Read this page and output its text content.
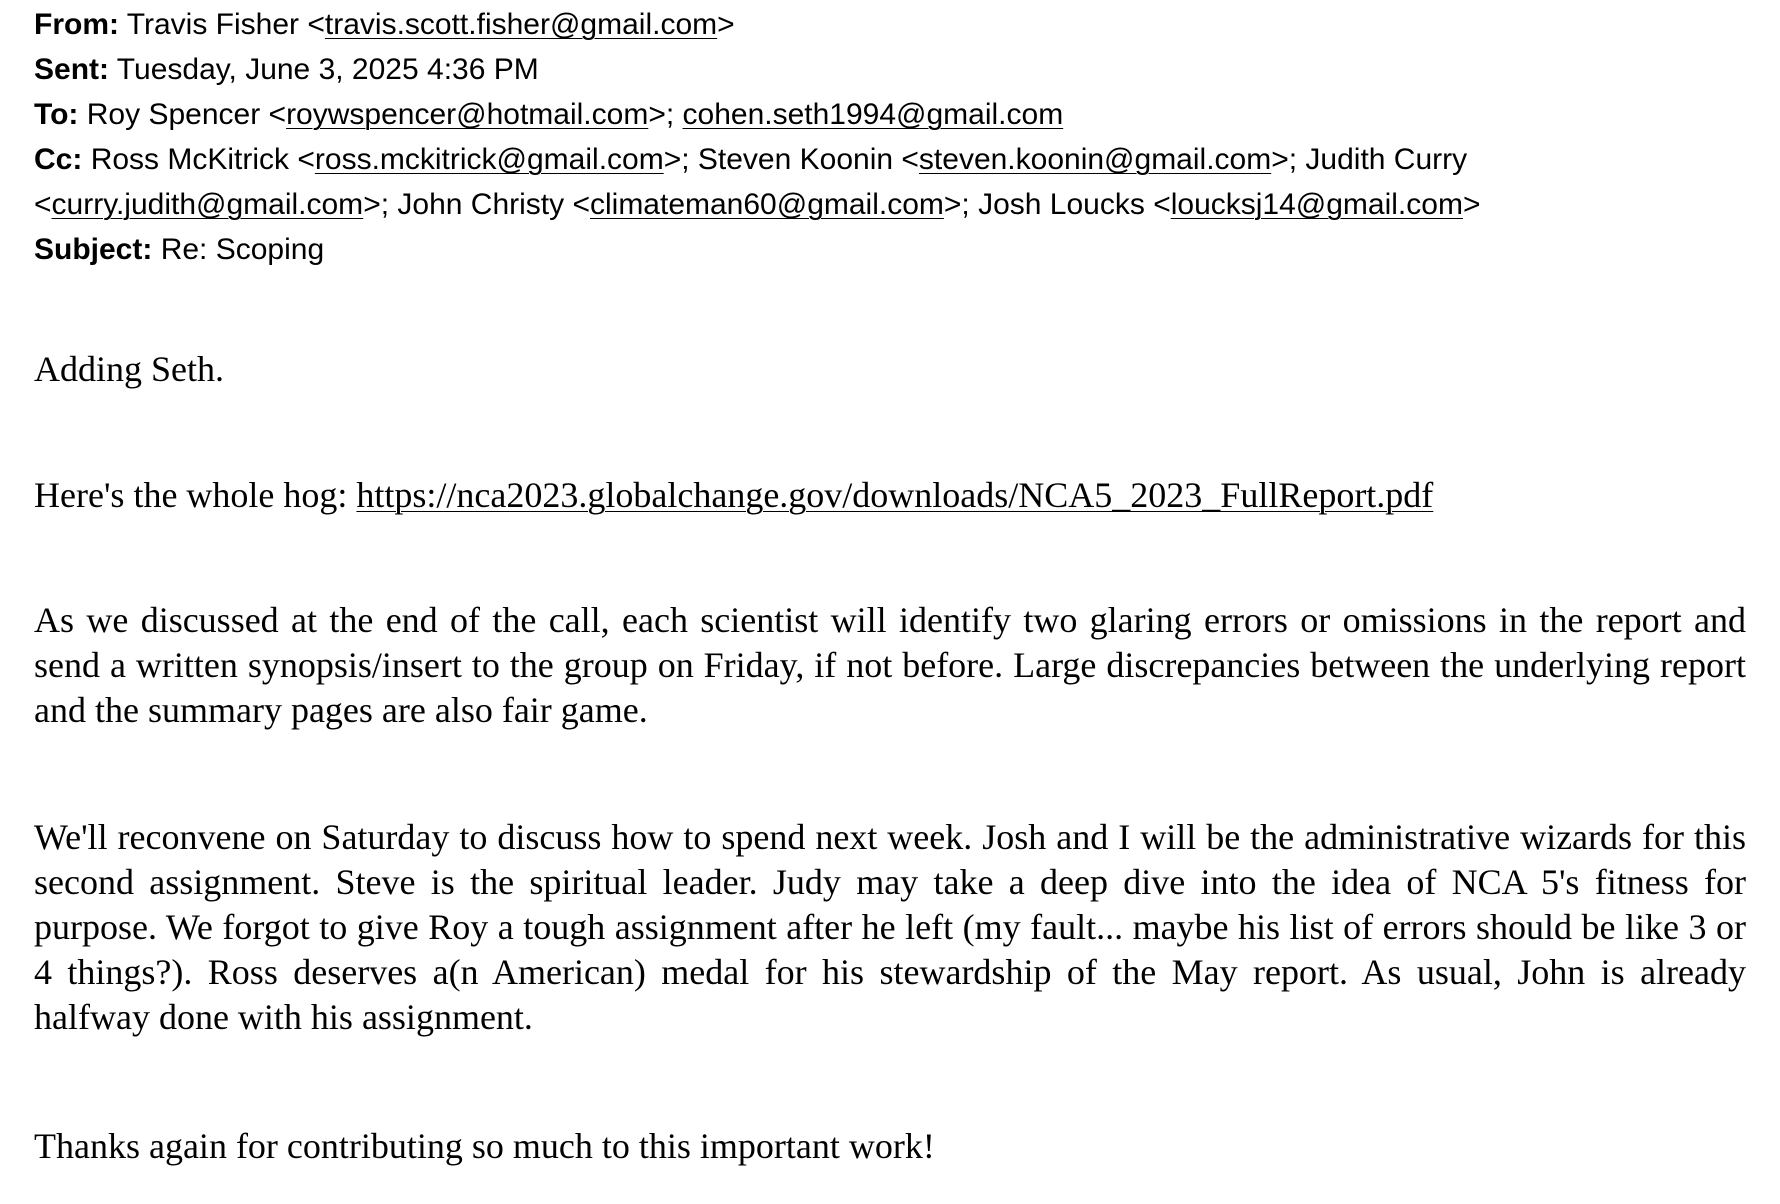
From: Travis Fisher <travis.scott.fisher@gmail.com>
Sent: Tuesday, June 3, 2025 4:36 PM
To: Roy Spencer <roywspencer@hotmail.com>; cohen.seth1994@gmail.com
Cc: Ross McKitrick <ross.mckitrick@gmail.com>; Steven Koonin <steven.koonin@gmail.com>; Judith Curry
<curry.judith@gmail.com>; John Christy <climateman60@gmail.com>; Josh Loucks <loucksj14@gmail.com>
Subject: Re: Scoping

Adding Seth.

Here's the whole hog: https://nca2023.globalchange.gov/downloads/NCA5_2023_FullReport.pdf

As we discussed at the end of the call, each scientist will identify two glaring errors or omissions in the report and send a written synopsis/insert to the group on Friday, if not before. Large discrepancies between the underlying report and the summary pages are also fair game.

We'll reconvene on Saturday to discuss how to spend next week. Josh and I will be the administrative wizards for this second assignment. Steve is the spiritual leader. Judy may take a deep dive into the idea of NCA 5's fitness for purpose. We forgot to give Roy a tough assignment after he left (my fault... maybe his list of errors should be like 3 or 4 things?). Ross deserves a(n American) medal for his stewardship of the May report. As usual, John is already halfway done with his assignment.

Thanks again for contributing so much to this important work!
